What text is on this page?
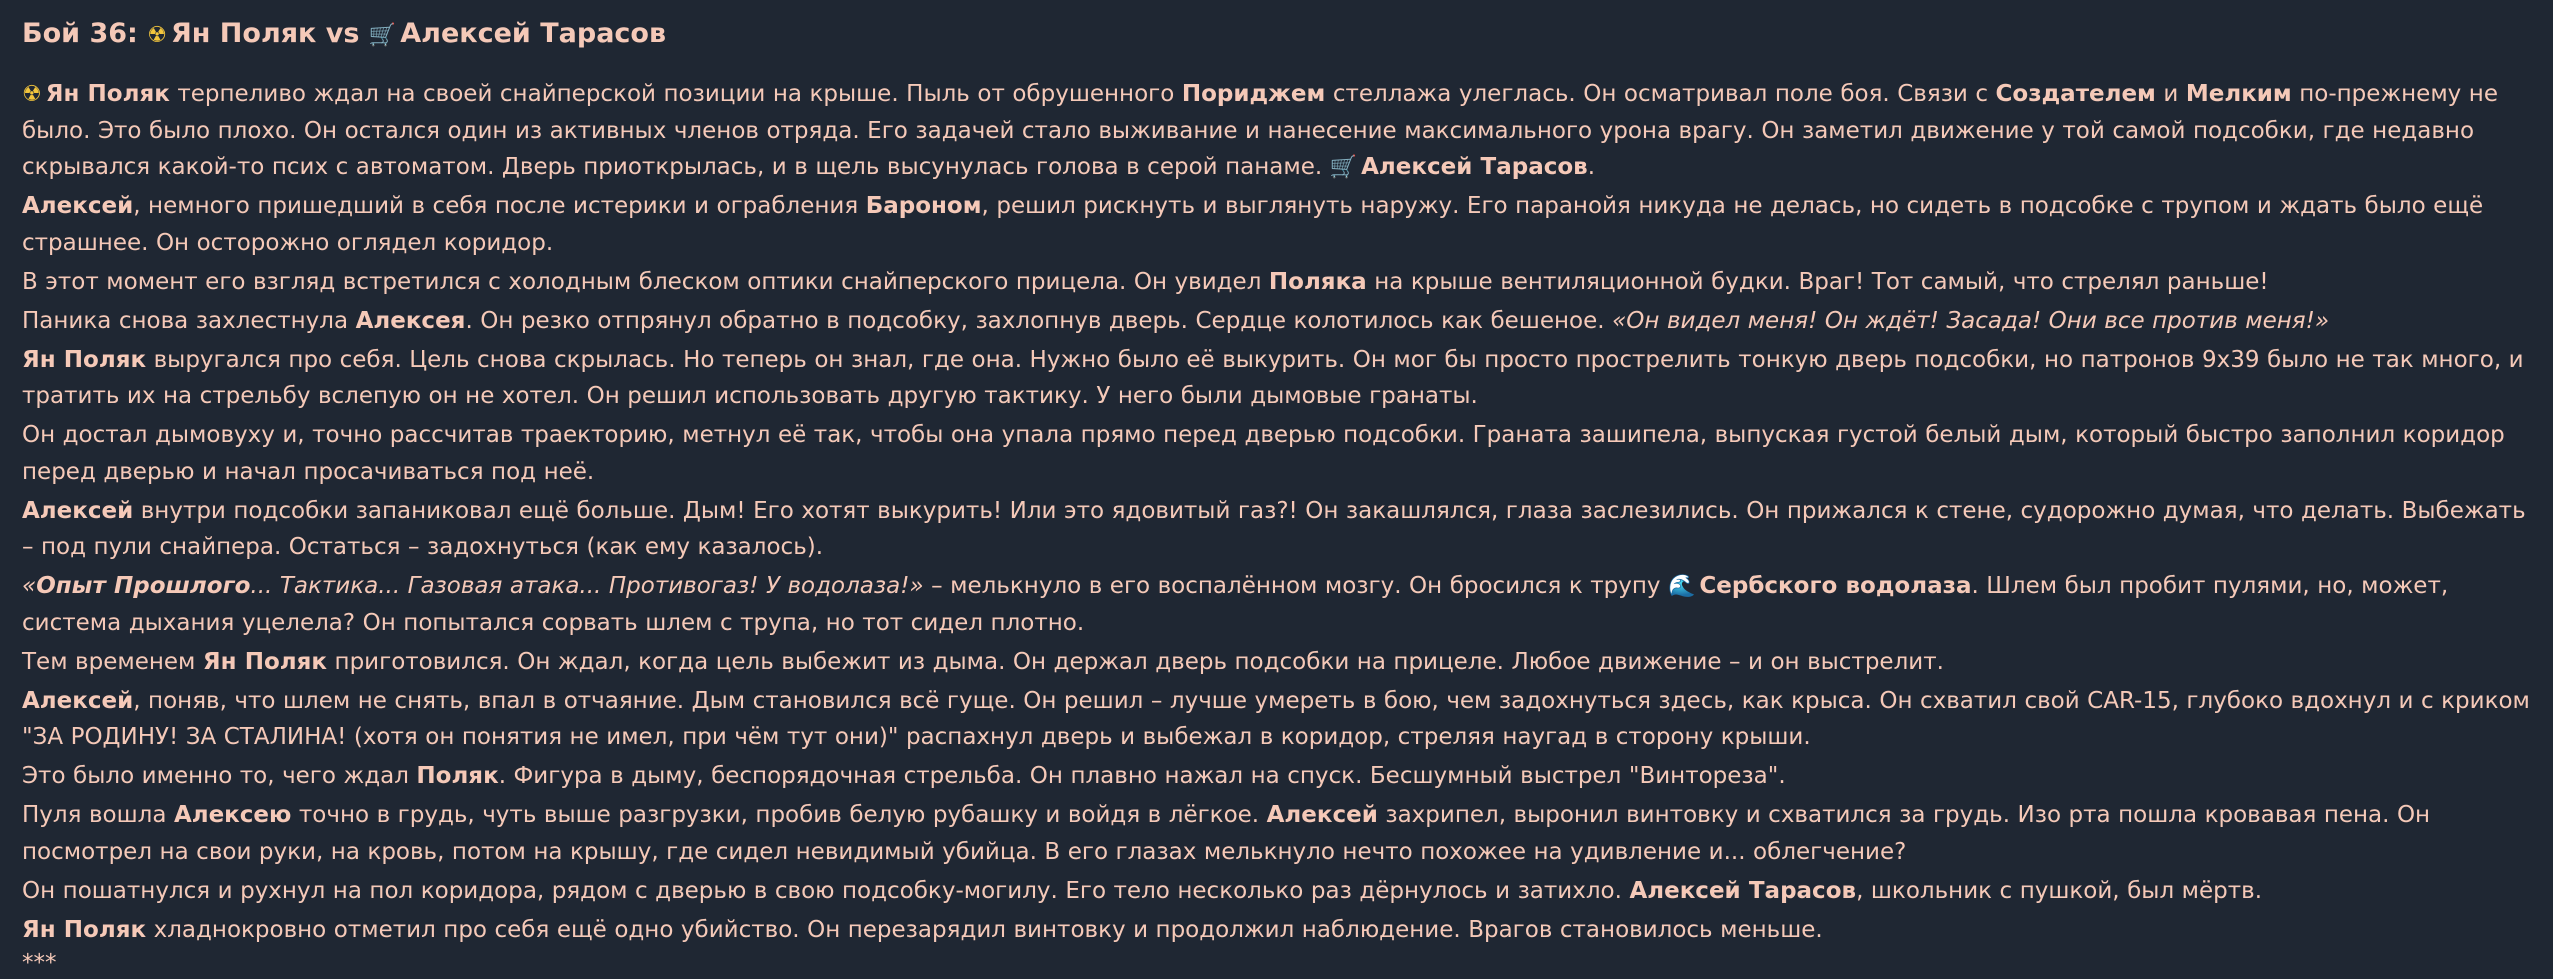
Бой 36: ☢ Ян Поляк vs 🛒 Алексей Тарасов
☢ Ян Поляк терпеливо ждал на своей снайперской позиции на крыше. Пыль от обрушенного Пориджем стеллажа улеглась. Он осматривал поле боя. Связи с Создателем и Мелким по-прежнему не было. Это было плохо. Он остался один из активных членов отряда. Его задачей стало выживание и нанесение максимального урона врагу. Он заметил движение у той самой подсобки, где недавно скрывался какой-то псих с автоматом. Дверь приоткрылась, и в щель высунулась голова в серой панаме. 🛒 Алексей Тарасов.
Алексей, немного пришедший в себя после истерики и ограбления Бароном, решил рискнуть и выглянуть наружу. Его паранойя никуда не делась, но сидеть в подсобке с трупом и ждать было ещё страшнее. Он осторожно оглядел коридор.
В этот момент его взгляд встретился с холодным блеском оптики снайперского прицела. Он увидел Поляка на крыше вентиляционной будки. Враг! Тот самый, что стрелял раньше!
Паника снова захлестнула Алексея. Он резко отпрянул обратно в подсобку, захлопнув дверь. Сердце колотилось как бешеное. «Он видел меня! Он ждёт! Засада! Они все против меня!»
Ян Поляк выругался про себя. Цель снова скрылась. Но теперь он знал, где она. Нужно было её выкурить. Он мог бы просто прострелить тонкую дверь подсобки, но патронов 9х39 было не так много, и тратить их на стрельбу вслепую он не хотел. Он решил использовать другую тактику. У него были дымовые гранаты.
Он достал дымовуху и, точно рассчитав траекторию, метнул её так, чтобы она упала прямо перед дверью подсобки. Граната зашипела, выпуская густой белый дым, который быстро заполнил коридор перед дверью и начал просачиваться под неё.
Алексей внутри подсобки запаниковал ещё больше. Дым! Его хотят выкурить! Или это ядовитый газ?! Он закашлялся, глаза заслезились. Он прижался к стене, судорожно думая, что делать. Выбежать – под пули снайпера. Остаться – задохнуться (как ему казалось).
«Опыт Прошлого... Тактика... Газовая атака... Противогаз! У водолаза!» – мелькнуло в его воспалённом мозгу. Он бросился к трупу 🌊 Сербского водолаза. Шлем был пробит пулями, но, может, система дыхания уцелела? Он попытался сорвать шлем с трупа, но тот сидел плотно.
Тем временем Ян Поляк приготовился. Он ждал, когда цель выбежит из дыма. Он держал дверь подсобки на прицеле. Любое движение – и он выстрелит.
Алексей, поняв, что шлем не снять, впал в отчаяние. Дым становился всё гуще. Он решил – лучше умереть в бою, чем задохнуться здесь, как крыса. Он схватил свой CAR-15, глубоко вдохнул и с криком "ЗА РОДИНУ! ЗА СТАЛИНА! (хотя он понятия не имел, при чём тут они)" распахнул дверь и выбежал в коридор, стреляя наугад в сторону крыши.
Это было именно то, чего ждал Поляк. Фигура в дыму, беспорядочная стрельба. Он плавно нажал на спуск. Бесшумный выстрел "Винтореза".
Пуля вошла Алексею точно в грудь, чуть выше разгрузки, пробив белую рубашку и войдя в лёгкое. Алексей захрипел, выронил винтовку и схватился за грудь. Изо рта пошла кровавая пена. Он посмотрел на свои руки, на кровь, потом на крышу, где сидел невидимый убийца. В его глазах мелькнуло нечто похожее на удивление и... облегчение?
Он пошатнулся и рухнул на пол коридора, рядом с дверью в свою подсобку-могилу. Его тело несколько раз дёрнулось и затихло. Алексей Тарасов, школьник с пушкой, был мёртв.
Ян Поляк хладнокровно отметил про себя ещё одно убийство. Он перезарядил винтовку и продолжил наблюдение. Врагов становилось меньше.
***
